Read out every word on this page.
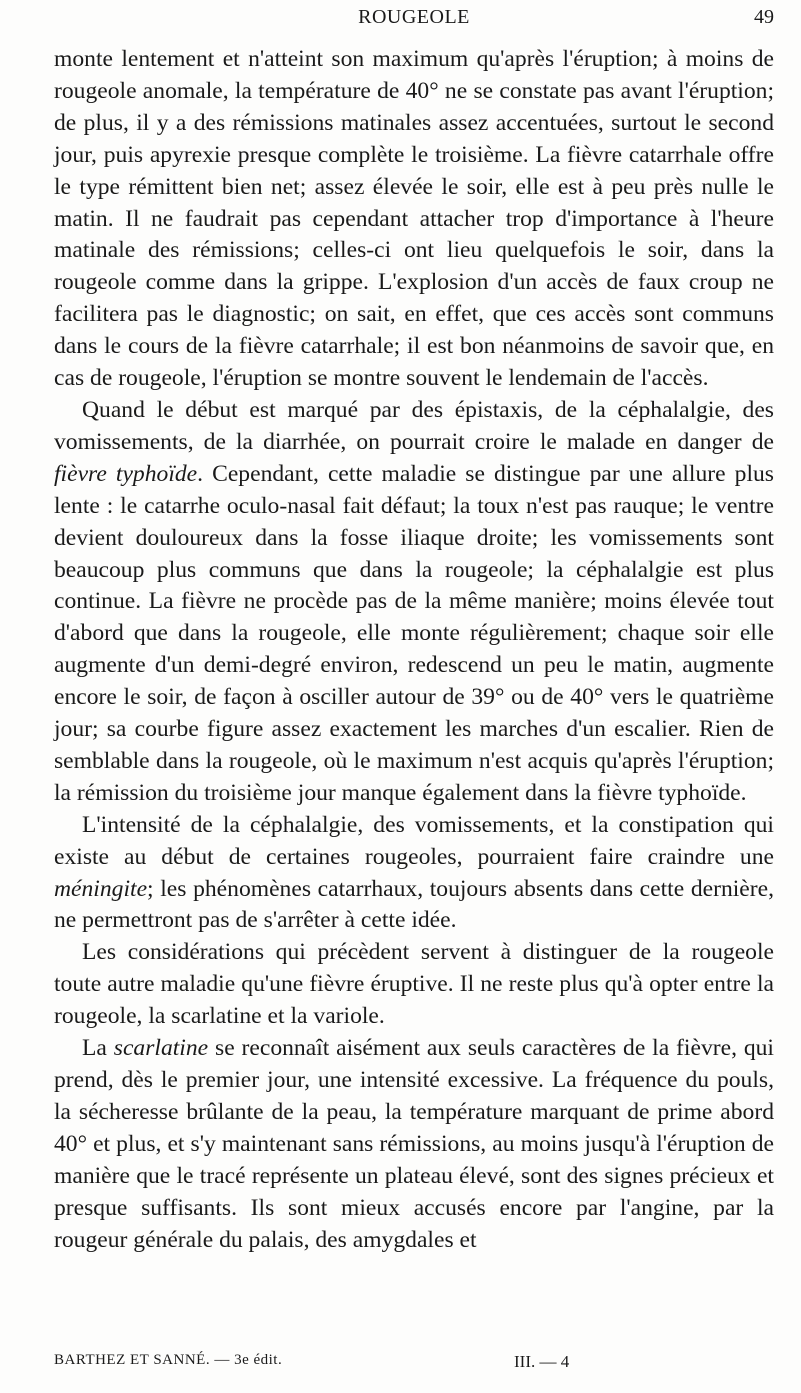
ROUGEOLE	49

monte lentement et n'atteint son maximum qu'après l'éruption; à moins de rougeole anomale, la température de 40° ne se constate pas avant l'éruption; de plus, il y a des rémissions matinales assez accentuées, surtout le second jour, puis apyrexie presque complète le troisième. La fièvre catarrhale offre le type rémittent bien net; assez élevée le soir, elle est à peu près nulle le matin. Il ne faudrait pas cependant attacher trop d'importance à l'heure matinale des rémissions; celles-ci ont lieu quelquefois le soir, dans la rougeole comme dans la grippe. L'explosion d'un accès de faux croup ne facilitera pas le diagnostic; on sait, en effet, que ces accès sont communs dans le cours de la fièvre catarrhale; il est bon néanmoins de savoir que, en cas de rougeole, l'éruption se montre souvent le lendemain de l'accès.

Quand le début est marqué par des épistaxis, de la céphalalgie, des vomissements, de la diarrhée, on pourrait croire le malade en danger de fièvre typhoïde. Cependant, cette maladie se distingue par une allure plus lente : le catarrhe oculo-nasal fait défaut; la toux n'est pas rauque; le ventre devient douloureux dans la fosse iliaque droite; les vomissements sont beaucoup plus communs que dans la rougeole; la céphalalgie est plus continue. La fièvre ne procède pas de la même manière; moins élevée tout d'abord que dans la rougeole, elle monte régulièrement; chaque soir elle augmente d'un demi-degré environ, redescend un peu le matin, augmente encore le soir, de façon à osciller autour de 39° ou de 40° vers le quatrième jour; sa courbe figure assez exactement les marches d'un escalier. Rien de semblable dans la rougeole, où le maximum n'est acquis qu'après l'éruption; la rémission du troisième jour manque également dans la fièvre typhoïde.

L'intensité de la céphalalgie, des vomissements, et la constipation qui existe au début de certaines rougeoles, pourraient faire craindre une méningite; les phénomènes catarrhaux, toujours absents dans cette dernière, ne permettront pas de s'arrêter à cette idée.

Les considérations qui précèdent servent à distinguer de la rougeole toute autre maladie qu'une fièvre éruptive. Il ne reste plus qu'à opter entre la rougeole, la scarlatine et la variole.

La scarlatine se reconnaît aisément aux seuls caractères de la fièvre, qui prend, dès le premier jour, une intensité excessive. La fréquence du pouls, la sécheresse brûlante de la peau, la température marquant de prime abord 40° et plus, et s'y maintenant sans rémissions, au moins jusqu'à l'éruption de manière que le tracé représente un plateau élevé, sont des signes précieux et presque suffisants. Ils sont mieux accusés encore par l'angine, par la rougeur générale du palais, des amygdales et

BARTHEZ ET SANNÉ. — 3e édit.	III. — 4
